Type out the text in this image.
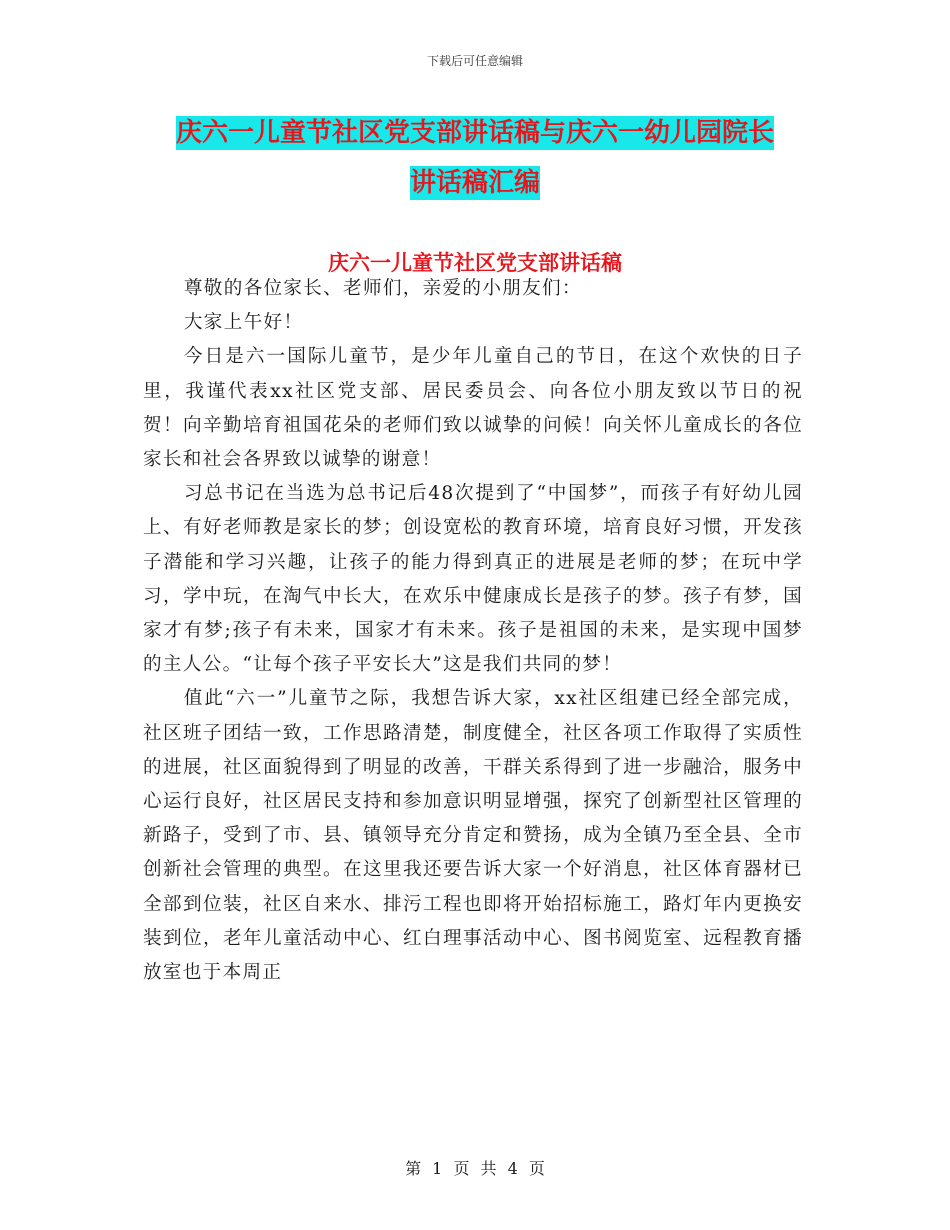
下载后可任意编辑
庆六一儿童节社区党支部讲话稿与庆六一幼儿园院长
讲话稿汇编
庆六一儿童节社区党支部讲话稿

尊敬的各位家长、老师们，亲爱的小朋友们：

大家上午好！

今日是六一国际儿童节，是少年儿童自己的节日，在这个欢快的日子里，我谨代表xx社区党支部、居民委员会、向各位小朋友致以节日的祝贺！向辛勤培育祖国花朵的老师们致以诚挚的问候！向关怀儿童成长的各位家长和社会各界致以诚挚的谢意！

习总书记在当选为总书记后48次提到了“中国梦”，而孩子有好幼儿园上、有好老师教是家长的梦；创设宽松的教育环境，培育良好习惯，开发孩子潜能和学习兴趣，让孩子的能力得到真正的进展是老师的梦；在玩中学习，学中玩，在淘气中长大，在欢乐中健康成长是孩子的梦。孩子有梦，国家才有梦;孩子有未来，国家才有未来。孩子是祖国的未来，是实现中国梦的主人公。“让每个孩子平安长大”这是我们共同的梦！

值此“六一”儿童节之际，我想告诉大家，xx社区组建已经全部完成，社区班子团结一致，工作思路清楚，制度健全，社区各项工作取得了实质性的进展，社区面貌得到了明显的改善，干群关系得到了进一步融洽，服务中心运行良好，社区居民支持和参加意识明显增强，探究了创新型社区管理的新路子，受到了市、县、镇领导充分肯定和赞扬，成为全镇乃至全县、全市创新社会管理的典型。在这里我还要告诉大家一个好消息，社区体育器材已全部到位装，社区自来水、排污工程也即将开始招标施工，路灯年内更换安装到位，老年儿童活动中心、红白理事活动中心、图书阅览室、远程教育播放室也于本周正

第 1 页 共 4 页
